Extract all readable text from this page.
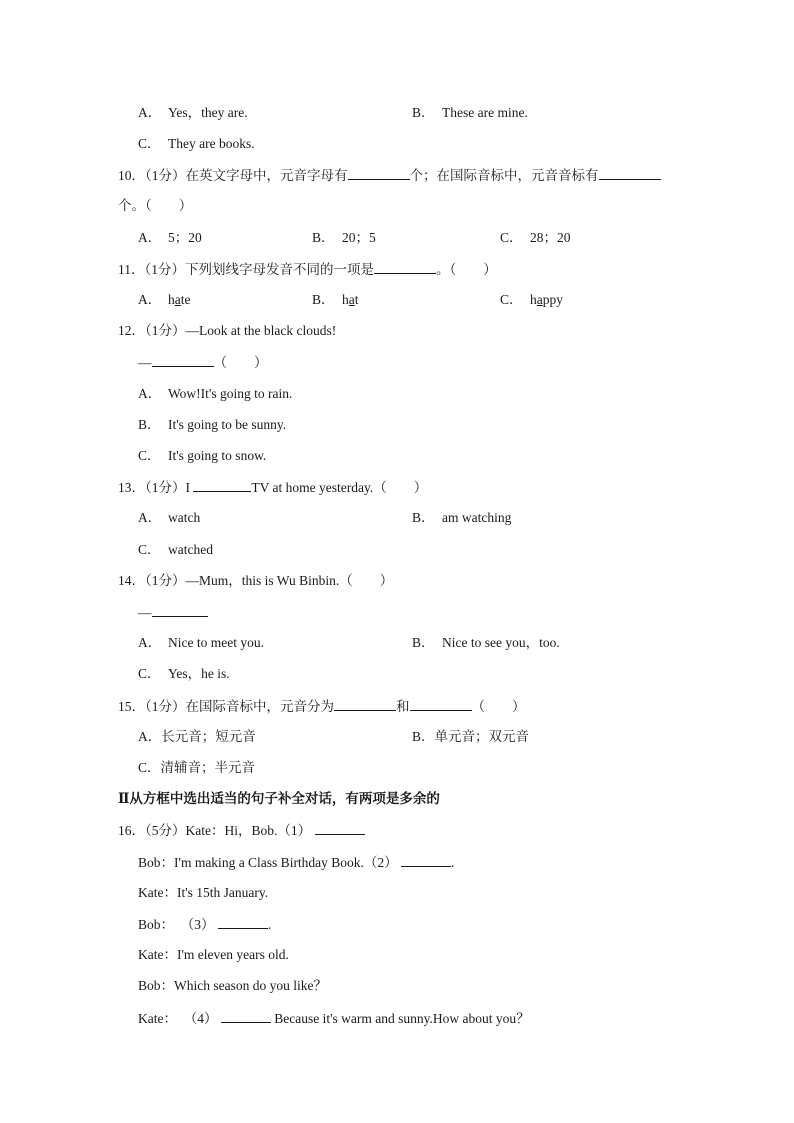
A． Yes，they are.	B． These are mine.
C． They are books.
10．（1分）在英文字母中，元音字母有	个；在国际音标中，元音音标有
个。（　　）
A． 5；20	B． 20；5	C． 28；20
11．（1分）下列划线字母发音不同的一项是	。（　　）
A． hate	B． hat	C． happy
12．（1分）—Look at the black clouds!
—	（　　）
A． Wow!It's going to rain.
B． It's going to be sunny.
C． It's going to snow.
13．（1分）I	TV at home yesterday.（　　）
A． watch	B． am watching
C． watched
14．（1分）—Mum，this is Wu Binbin.（　　）
—
A． Nice to meet you.	B． Nice to see you，too.
C． Yes，he is.
15．（1分）在国际音标中，元音分为	和	（　　）
A．长元音；短元音	B．单元音；双元音
C．清辅音；半元音
Ⅱ从方框中选出适当的句子补全对话，有两项是多余的
16．（5分）Kate：Hi，Bob.（1）
Bob：I'm making a Class Birthday Book.（2）	.
Kate：It's 15th January.
Bob： （3）	.
Kate：I'm eleven years old.
Bob：Which season do you like？
Kate： （4）	Because it's warm and sunny.How about you？
